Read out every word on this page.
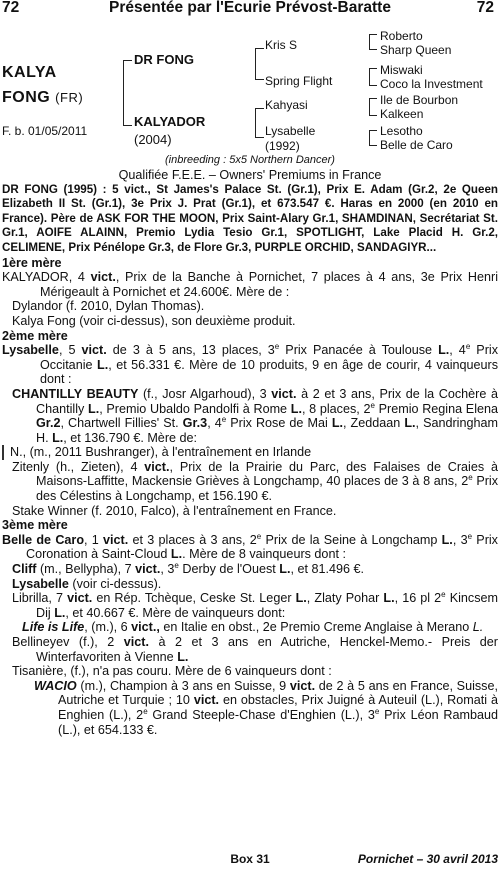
72	Présentée par l'Ecurie Prévost-Baratte	72
KALYA
FONG (FR)
F. b. 01/05/2011
DR FONG
KALYADOR
(2004)
Kris S
Spring Flight
Kahyasi
Lysabelle
(1992)
Roberto
Sharp Queen
Miswaki
Coco la Investment
Ile de Bourbon
Kalkeen
Lesotho
Belle de Caro
(inbreeding : 5x5 Northern Dancer)

Qualifiée F.E.E. – Owners' Premiums in France

DR FONG (1995) : 5 vict., St James's Palace St. (Gr.1), Prix E. Adam (Gr.2, 2e Queen Elizabeth II St. (Gr.1), 3e Prix J. Prat (Gr.1), et 673.547 €. Haras en 2000 (en 2010 en France). Père de ASK FOR THE MOON, Prix Saint-Alary Gr.1, SHAMDINAN, Secrétariat St. Gr.1, AOIFE ALAINN, Premio Lydia Tesio Gr.1, SPOTLIGHT, Lake Placid H. Gr.2, CELIMENE, Prix Pénélope Gr.3, de Flore Gr.3, PURPLE ORCHID, SANDAGIYR...

1ère mère

KALYADOR, 4 vict., Prix de la Banche à Pornichet, 7 places à 4 ans, 3e Prix Henri Mérigeault à Pornichet et 24.600€. Mère de :

Dylandor (f. 2010, Dylan Thomas).

Kalya Fong (voir ci-dessus), son deuxième produit.

2ème mère

Lysabelle, 5 vict. de 3 à 5 ans, 13 places, 3e Prix Panacée à Toulouse L., 4e Prix Occitanie L., et 56.331 €. Mère de 10 produits, 9 en âge de courir, 4 vainqueurs dont :

CHANTILLY BEAUTY (f., Josr Algarhoud), 3 vict. à 2 et 3 ans, Prix de la Cochère à Chantilly L., Premio Ubaldo Pandolfi à Rome L., 8 places, 2e Premio Regina Elena Gr.2, Chartwell Fillies' St. Gr.3, 4e Prix Rose de Mai L., Zeddaan L., Sandringham H. L., et 136.790 €. Mère de:

N., (m., 2011 Bushranger), à l'entraînement en Irlande

Zitenly (h., Zieten), 4 vict., Prix de la Prairie du Parc, des Falaises de Craies à Maisons-Laffitte, Mackensie Grièves à Longchamp, 40 places de 3 à 8 ans, 2e Prix des Célestins à Longchamp, et 156.190 €.

Stake Winner (f. 2010, Falco), à l'entraînement en France.

3ème mère

Belle de Caro, 1 vict. et 3 places à 3 ans, 2e Prix de la Seine à Longchamp L., 3e Prix Coronation à Saint-Cloud L.. Mère de 8 vainqueurs dont :

Cliff (m., Bellypha), 7 vict., 3e Derby de l'Ouest L., et 81.496 €.

Lysabelle (voir ci-dessus).

Librilla, 7 vict. en Rép. Tchèque, Ceske St. Leger L., Zlaty Pohar L., 16 pl 2e Kincsem Dij L., et 40.667 €. Mère de vainqueurs dont:

Life is Life, (m.), 6 vict., en Italie en obst., 2e Premio Creme Anglaise à Merano L.

Bellineyev (f.), 2 vict. à 2 et 3 ans en Autriche, Henckel-Memo.- Preis der Winterfavoriten à Vienne L.

Tisanière, (f.), n'a pas couru. Mère de 6 vainqueurs dont :

WACIO (m.), Champion à 3 ans en Suisse, 9 vict. de 2 à 5 ans en France, Suisse, Autriche et Turquie ; 10 vict. en obstacles, Prix Juigné à Auteuil (L.), Romati à Enghien (L.), 2e Grand Steeple-Chase d'Enghien (L.), 3e Prix Léon Rambaud (L.), et 654.133 €.

Box 31	Pornichet – 30 avril 2013
